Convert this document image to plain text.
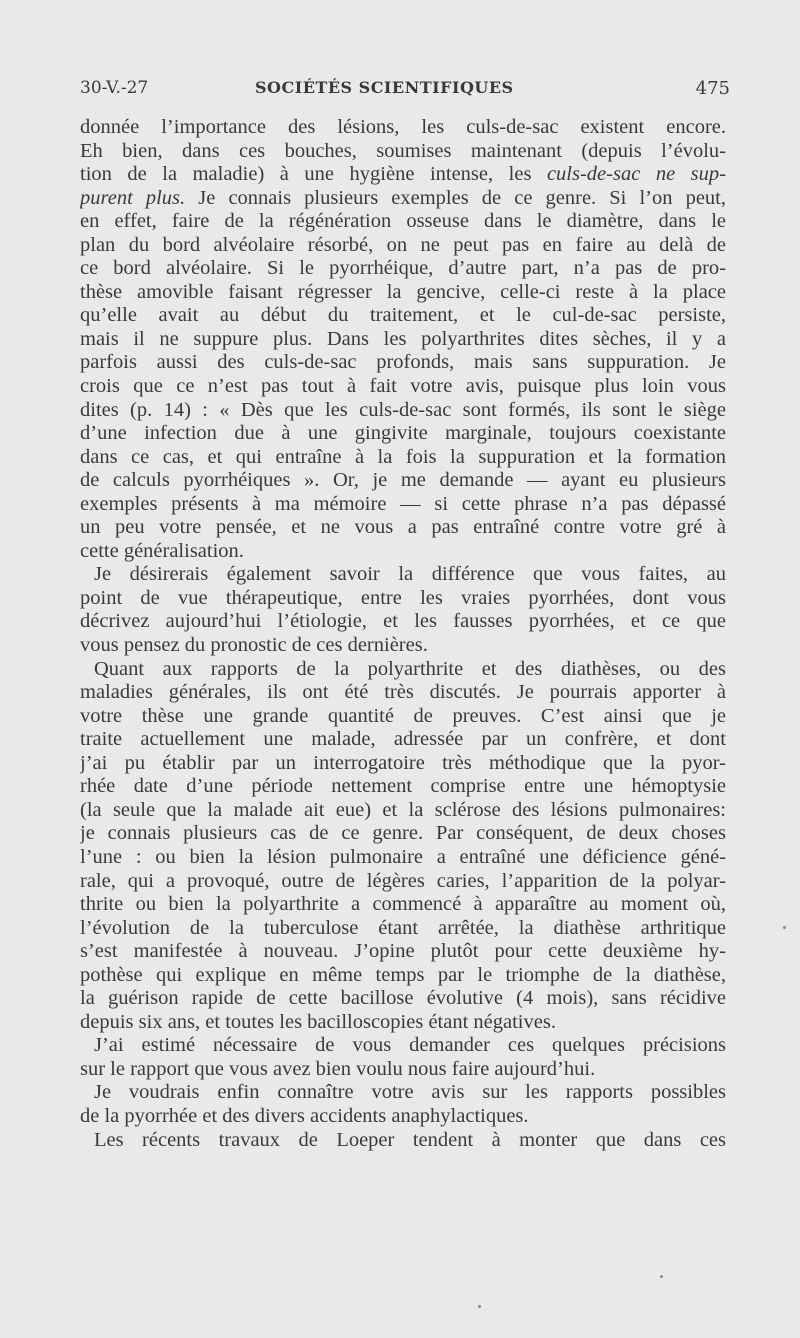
30-V.-27	SOCIÉTÉS SCIENTIFIQUES	475
donnée l’importance des lésions, les culs-de-sac existent encore.
Eh bien, dans ces bouches, soumises maintenant (depuis l’évolu-
tion de la maladie) à une hygiène intense, les culs-de-sac ne sup-
purent plus. Je connais plusieurs exemples de ce genre. Si l’on peut,
en effet, faire de la régénération osseuse dans le diamètre, dans le
plan du bord alvéolaire résorbé, on ne peut pas en faire au delà de
ce bord alvéolaire. Si le pyorrhéique, d’autre part, n’a pas de pro-
thèse amovible faisant régresser la gencive, celle-ci reste à la place
qu’elle avait au début du traitement, et le cul-de-sac persiste,
mais il ne suppure plus. Dans les polyarthrites dites sèches, il y a
parfois aussi des culs-de-sac profonds, mais sans suppuration. Je
crois que ce n’est pas tout à fait votre avis, puisque plus loin vous
dites (p. 14) : « Dès que les culs-de-sac sont formés, ils sont le siège
d’une infection due à une gingivite marginale, toujours coexistante
dans ce cas, et qui entraîne à la fois la suppuration et la formation
de calculs pyorrhéiques ». Or, je me demande — ayant eu plusieurs
exemples présents à ma mémoire — si cette phrase n’a pas dépassé
un peu votre pensée, et ne vous a pas entraîné contre votre gré à
cette généralisation.
Je désirerais également savoir la différence que vous faites, au
point de vue thérapeutique, entre les vraies pyorrhées, dont vous
décrivez aujourd’hui l’étiologie, et les fausses pyorrhées, et ce que
vous pensez du pronostic de ces dernières.
Quant aux rapports de la polyarthrite et des diathèses, ou des
maladies générales, ils ont été très discutés. Je pourrais apporter à
votre thèse une grande quantité de preuves. C’est ainsi que je
traite actuellement une malade, adressée par un confrère, et dont
j’ai pu établir par un interrogatoire très méthodique que la pyor-
rhée date d’une période nettement comprise entre une hémoptysie
(la seule que la malade ait eue) et la sclérose des lésions pulmonaires:
je connais plusieurs cas de ce genre. Par conséquent, de deux choses
l’une : ou bien la lésion pulmonaire a entraîné une déficience géné-
rale, qui a provoqué, outre de légères caries, l’apparition de la polyar-
thrite ou bien la polyarthrite a commencé à apparaître au moment où,
l’évolution de la tuberculose étant arrêtée, la diathèse arthritique
s’est manifestée à nouveau. J’opine plutôt pour cette deuxième hy-
pothèse qui explique en même temps par le triomphe de la diathèse,
la guérison rapide de cette bacillose évolutive (4 mois), sans récidive
depuis six ans, et toutes les bacilloscopies étant négatives.
J’ai estimé nécessaire de vous demander ces quelques précisions
sur le rapport que vous avez bien voulu nous faire aujourd’hui.
Je voudrais enfin connaître votre avis sur les rapports possibles
de la pyorrhée et des divers accidents anaphylactiques.
Les récents travaux de Loeper tendent à monter que dans ces
